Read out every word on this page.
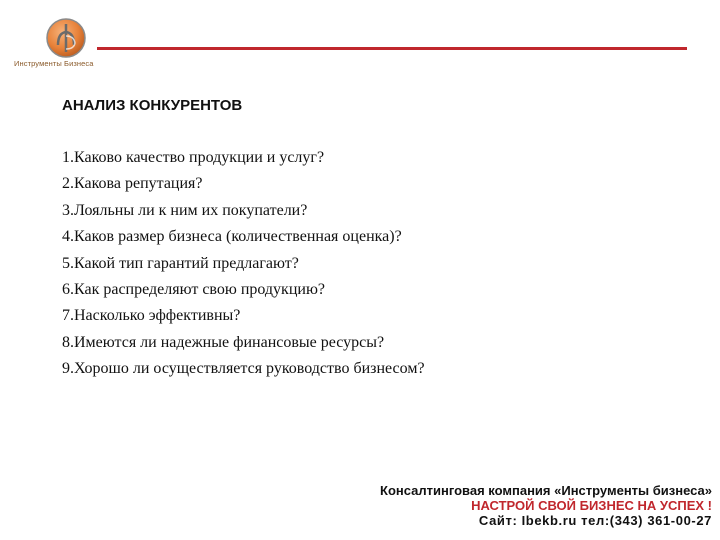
Инструменты Бизнеса
АНАЛИЗ КОНКУРЕНТОВ
1.Каково качество продукции и услуг?
2.Какова репутация?
3.Лояльны ли к ним их покупатели?
4.Каков размер бизнеса (количественная оценка)?
5.Какой тип гарантий предлагают?
6.Как распределяют свою продукцию?
7.Насколько эффективны?
8.Имеются ли надежные финансовые ресурсы?
9.Хорошо ли осуществляется руководство бизнесом?
Консалтинговая компания «Инструменты бизнеса»
НАСТРОЙ СВОЙ БИЗНЕС НА УСПЕХ !
Сайт: Ibekb.ru тел:(343) 361-00-27
